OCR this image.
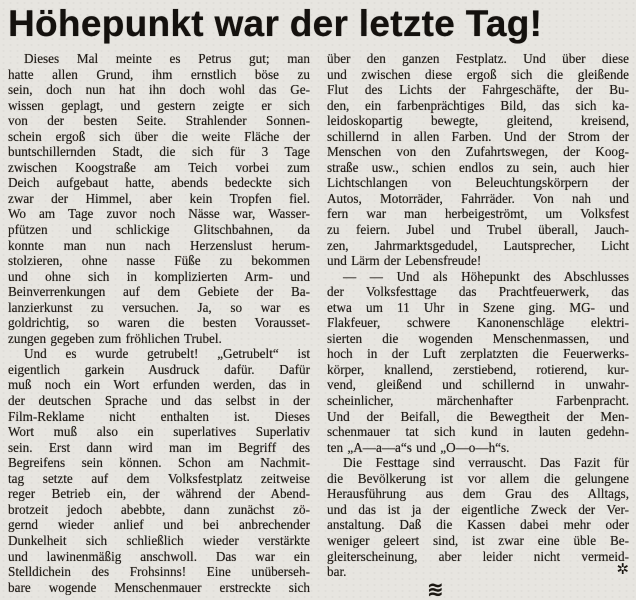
Höhepunkt war der letzte Tag!
Dieses Mal meinte es Petrus gut; man
hatte allen Grund, ihm ernstlich böse zu
sein, doch nun hat ihn doch wohl das Ge-
wissen geplagt, und gestern zeigte er sich
von der besten Seite. Strahlender Sonnen-
schein ergoß sich über die weite Fläche der
buntschillernden Stadt, die sich für 3 Tage
zwischen Koogstraße am Teich vorbei zum
Deich aufgebaut hatte, abends bedeckte sich
zwar der Himmel, aber kein Tropfen fiel.
Wo am Tage zuvor noch Nässe war, Wasser-
pfützen und schlickige Glitschbahnen, da
konnte man nun nach Herzenslust herum-
stolzieren, ohne nasse Füße zu bekommen
und ohne sich in komplizierten Arm- und
Beinverrenkungen auf dem Gebiete der Ba-
lanzierkunst zu versuchen. Ja, so war es
goldrichtig, so waren die besten Vorausset-
zungen gegeben zum fröhlichen Trubel.
Und es wurde getrubelt! „Getrubelt“ ist
eigentlich garkein Ausdruck dafür. Dafür
muß noch ein Wort erfunden werden, das in
der deutschen Sprache und das selbst in der
Film-Reklame nicht enthalten ist. Dieses
Wort muß also ein superlatives Superlativ
sein. Erst dann wird man im Begriff des
Begreifens sein können. Schon am Nachmit-
tag setzte auf dem Volksfestplatz zeitweise
reger Betrieb ein, der während der Abend-
brotzeit jedoch abebbte, dann zunächst zö-
gernd wieder anlief und bei anbrechender
Dunkelheit sich schließlich wieder verstärkte
und lawinenmäßig anschwoll. Das war ein
Stelldichein des Frohsinns! Eine unüberseh-
bare wogende Menschenmauer erstreckte sich
über den ganzen Festplatz. Und über diese
und zwischen diese ergoß sich die gleißende
Flut des Lichts der Fahrgeschäfte, der Bu-
den, ein farbenprächtiges Bild, das sich ka-
leidoskopartig bewegte, gleitend, kreisend,
schillernd in allen Farben. Und der Strom der
Menschen von den Zufahrtswegen, der Koog-
straße usw., schien endlos zu sein, auch hier
Lichtschlangen von Beleuchtungskörpern der
Autos, Motorräder, Fahrräder. Von nah und
fern war man herbeigeströmt, um Volksfest
zu feiern. Jubel und Trubel überall, Jauch-
zen, Jahrmarktsgedudel, Lautsprecher, Licht
und Lärm der Lebensfreude!
— — Und als Höhepunkt des Abschlusses
der Volksfesttage das Prachtfeuerwerk, das
etwa um 11 Uhr in Szene ging. MG- und
Flakfeuer, schwere Kanonenschläge elektri-
sierten die wogenden Menschenmassen, und
hoch in der Luft zerplatzten die Feuerwerks-
körper, knallend, zerstiebend, rotierend, kur-
vend, gleißend und schillernd in unwahr-
scheinlicher, märchenhafter Farbenpracht.
Und der Beifall, die Bewegtheit der Men-
schenmauer tat sich kund in lauten gedehn-
ten „A—a—a“s und „O—o—h“s.
Die Festtage sind verrauscht. Das Fazit für
die Bevölkerung ist vor allem die gelungene
Herausführung aus dem Grau des Alltags,
und das ist ja der eigentliche Zweck der Ver-
anstaltung. Daß die Kassen dabei mehr oder
weniger geleert sind, ist zwar eine üble Be-
gleiterscheinung, aber leider nicht vermeid-
bar.	✲
≋
